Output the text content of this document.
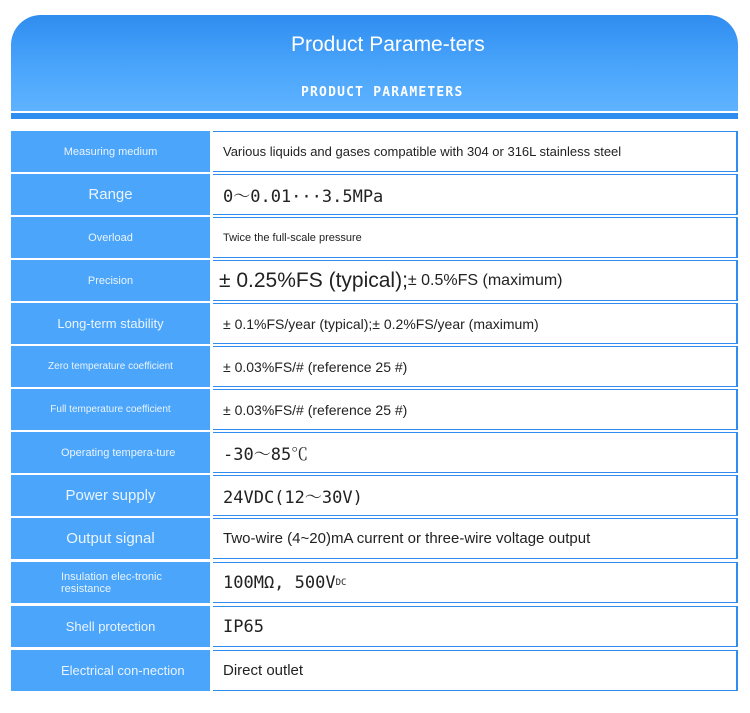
Product Parame-ters
PRODUCT PARAMETERS
Measuring medium	Various liquids and gases compatible with 304 or 316L stainless steel
Range	0～0.01···3.5MPa
Overload	Twice the full-scale pressure
Precision	± 0.25%FS (typical); ± 0.5%FS (maximum)
Long-term stability	± 0.1%FS/year (typical);± 0.2%FS/year (maximum)
Zero temperature coefficient	± 0.03%FS/# (reference 25 #)
Full temperature coefficient	± 0.03%FS/# (reference 25 #)
Operating tempera-ture	-30～85℃
Power supply	24VDC(12～30V)
Output signal	Two-wire (4~20)mA current or three-wire voltage output
Insulation elec-tronic resistance	100MΩ, 500V DC
Shell protection	IP65
Electrical con-nection	Direct outlet
